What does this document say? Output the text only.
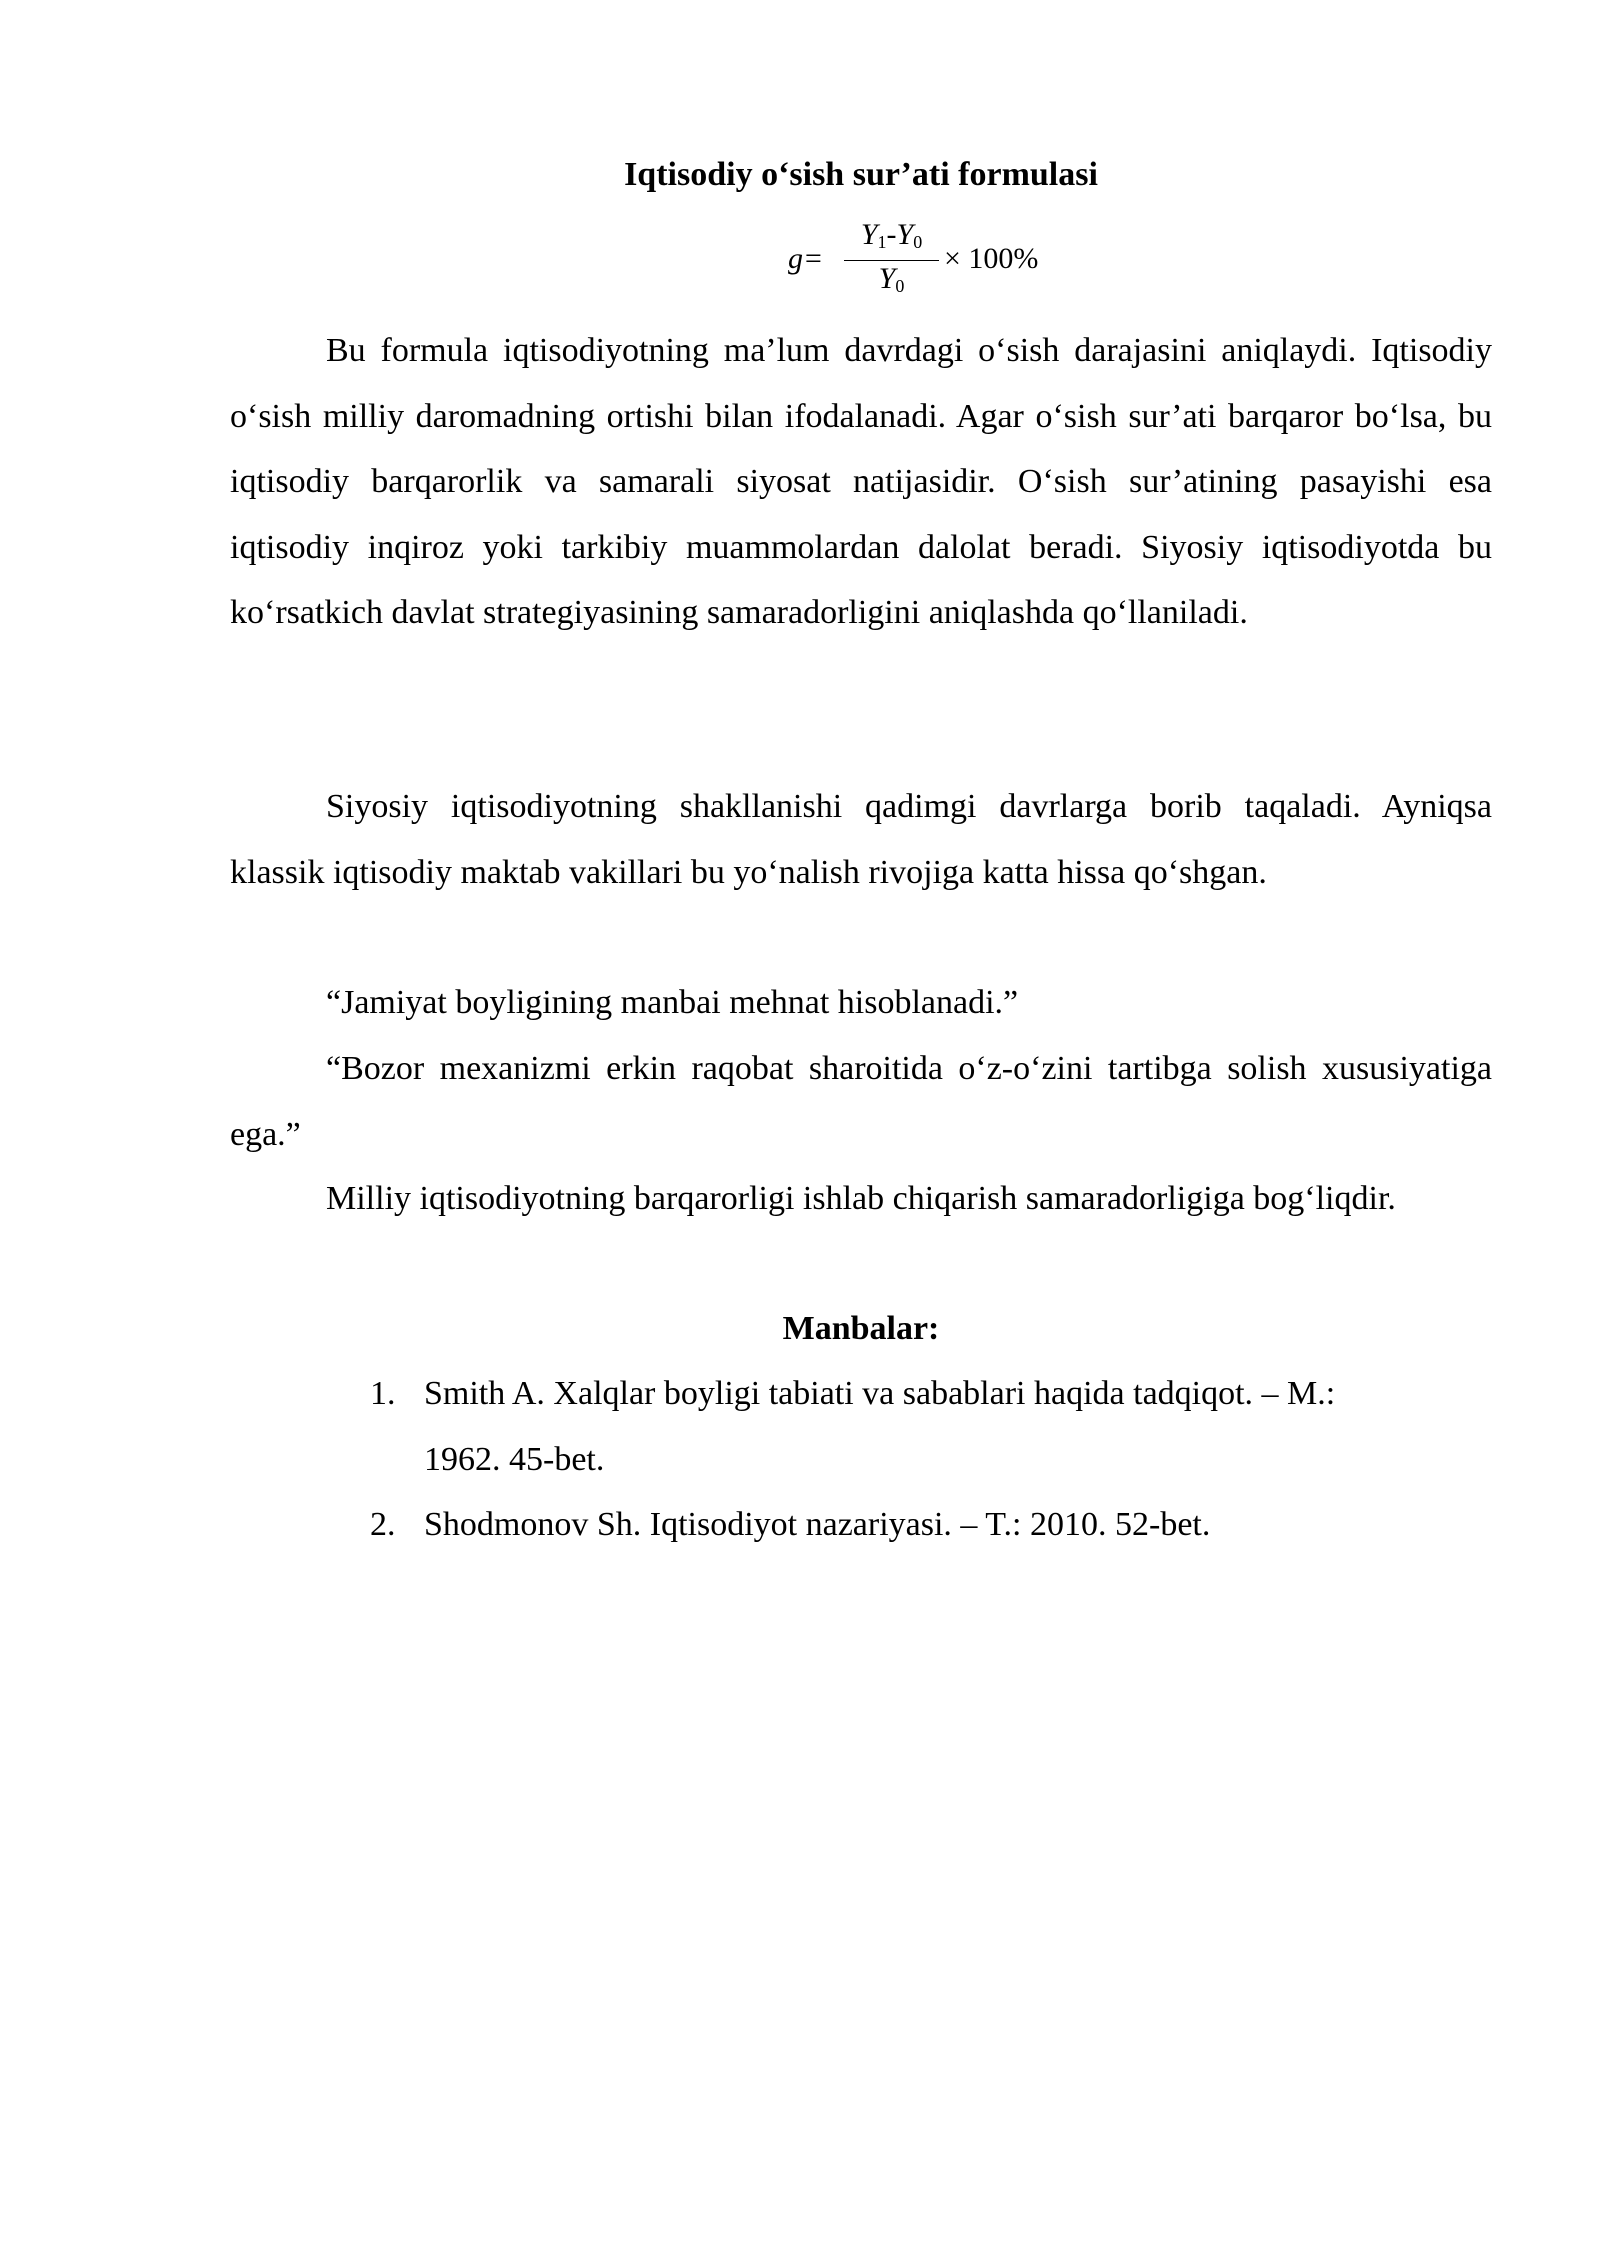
Iqtisodiy o‘sish sur’ati formulasi
g=
Y1-Y0
Y0
× 100%

Bu formula iqtisodiyotning ma’lum davrdagi o‘sish darajasini aniqlaydi. Iqtisodiy o‘sish milliy daromadning ortishi bilan ifodalanadi. Agar o‘sish sur’ati barqaror bo‘lsa, bu iqtisodiy barqarorlik va samarali siyosat natijasidir. O‘sish sur’atining pasayishi esa iqtisodiy inqiroz yoki tarkibiy muammolardan dalolat beradi. Siyosiy iqtisodiyotda bu ko‘rsatkich davlat strategiyasining samaradorligini aniqlashda qo‘llaniladi.

Siyosiy iqtisodiyotning shakllanishi qadimgi davrlarga borib taqaladi. Ayniqsa klassik iqtisodiy maktab vakillari bu yo‘nalish rivojiga katta hissa qo‘shgan.

“Jamiyat boyligining manbai mehnat hisoblanadi.”

“Bozor mexanizmi erkin raqobat sharoitida o‘z-o‘zini tartibga solish xususiyatiga ega.”

Milliy iqtisodiyotning barqarorligi ishlab chiqarish samaradorligiga bog‘liqdir.

Manbalar:
1. Smith A. Xalqlar boyligi tabiati va sabablari haqida tadqiqot. – M.: 1962. 45-bet.
2. Shodmonov Sh. Iqtisodiyot nazariyasi. – T.: 2010. 52-bet.
